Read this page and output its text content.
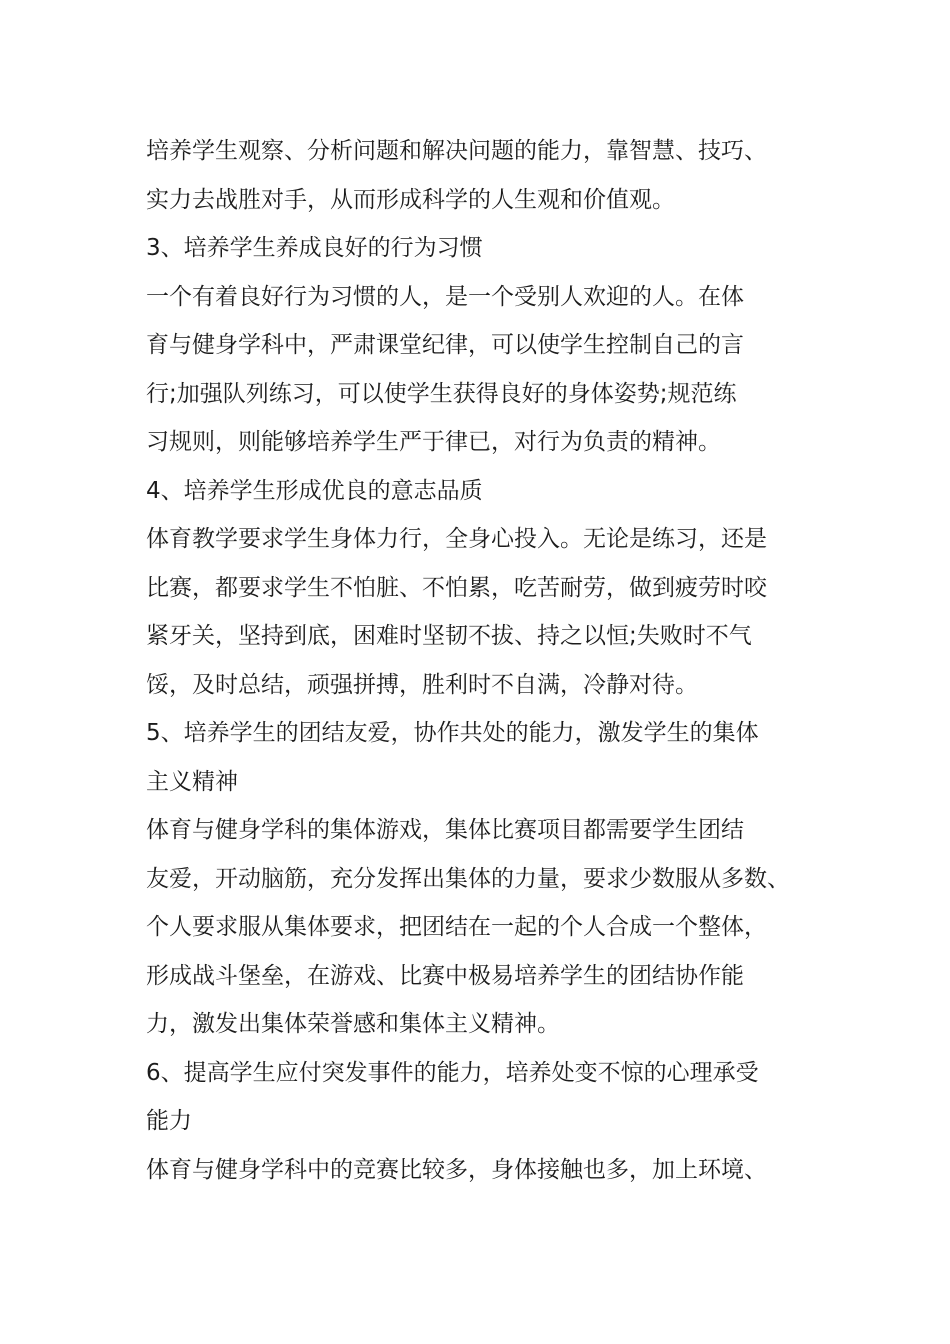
培养学生观察、分析问题和解决问题的能力，靠智慧、技巧、
实力去战胜对手，从而形成科学的人生观和价值观。
3、培养学生养成良好的行为习惯
一个有着良好行为习惯的人，是一个受别人欢迎的人。在体
育与健身学科中，严肃课堂纪律，可以使学生控制自己的言
行;加强队列练习，可以使学生获得良好的身体姿势;规范练
习规则，则能够培养学生严于律已，对行为负责的精神。
4、培养学生形成优良的意志品质
体育教学要求学生身体力行，全身心投入。无论是练习，还是
比赛，都要求学生不怕脏、不怕累，吃苦耐劳，做到疲劳时咬
紧牙关，坚持到底，困难时坚韧不拔、持之以恒;失败时不气
馁，及时总结，顽强拼搏，胜利时不自满，冷静对待。
5、培养学生的团结友爱，协作共处的能力，激发学生的集体
主义精神
体育与健身学科的集体游戏，集体比赛项目都需要学生团结
友爱，开动脑筋，充分发挥出集体的力量，要求少数服从多数、
个人要求服从集体要求，把团结在一起的个人合成一个整体，
形成战斗堡垒，在游戏、比赛中极易培养学生的团结协作能
力，激发出集体荣誉感和集体主义精神。
6、提高学生应付突发事件的能力，培养处变不惊的心理承受
能力
体育与健身学科中的竞赛比较多，身体接触也多，加上环境、
